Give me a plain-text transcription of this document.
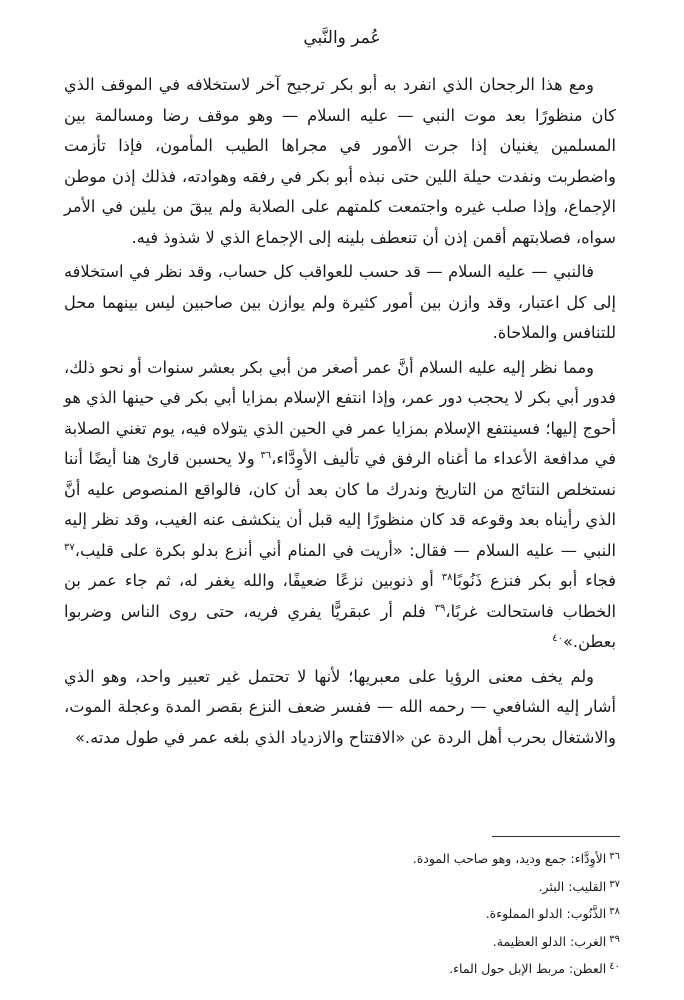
عُمر والنَّبي

ومع هذا الرجحان الذي انفرد به أبو بكر ترجيح آخر لاستخلافه في الموقف الذي كان منظورًا بعد موت النبي — عليه السلام — وهو موقف رضا ومسالمة بين المسلمين يغنيان إذا جرت الأمور في مجراها الطيب المأمون، فإذا تأزمت واضطربت ونفدت حيلة اللين حتى نبذه أبو بكر في رفقه وهوادته، فذلك إذن موطن الإجماع، وإذا صلب غيره واجتمعت كلمتهم على الصلابة ولم يبقَ من يلين في الأمر سواه، فصلابتهم أقمن إذن أن تنعطف بلينه إلى الإجماع الذي لا شذوذ فيه.

فالنبي — عليه السلام — قد حسب للعواقب كل حساب، وقد نظر في استخلافه إلى كل اعتبار، وقد وازن بين أمور كثيرة ولم يوازن بين صاحبين ليس بينهما محل للتنافس والملاحاة.

ومما نظر إليه عليه السلام أنَّ عمر أصغر من أبي بكر بعشر سنوات أو نحو ذلك، فدور أبي بكر لا يحجب دور عمر، وإذا انتفع الإسلام بمزايا أبي بكر في حينها الذي هو أحوج إليها؛ فسينتفع الإسلام بمزايا عمر في الحين الذي يتولاه فيه، يوم تغني الصلابة في مدافعة الأعداء ما أغناه الرفق في تأليف الأوِدَّاء،$^{٣٦}$ ولا يحسبن قارئ هنا أيضًا أننا نستخلص النتائج من التاريخ وندرك ما كان بعد أن كان، فالواقع المنصوص عليه أنَّ الذي رأيناه بعد وقوعه قد كان منظورًا إليه قبل أن ينكشف عنه الغيب، وقد نظر إليه النبي — عليه السلام — فقال: «أريت في المنام أني أنزع بدلو بكرة على قليب،$^{٣٧}$ فجاء أبو بكر فنزع ذَنُوبًا$^{٣٨}$ أو ذنوبين نزعًا ضعيفًا، والله يغفر له، ثم جاء عمر بن الخطاب فاستحالت غربًا،$^{٣٩}$ فلم أر عبقريًّا يفري فريه، حتى روى الناس وضربوا بعطن.»$^{٤٠}$

ولم يخف معنى الرؤيا على معبريها؛ لأنها لا تحتمل غير تعبير واحد، وهو الذي أشار إليه الشافعي — رحمه الله — ففسر ضعف النزع بقصر المدة وعجلة الموت، والاشتغال بحرب أهل الردة عن «الافتتاح والازدياد الذي بلغه عمر في طول مدته.»

٣٦
الأوِدَّاء: جمع وديد، وهو صاحب المودة.
٣٧
القليب: البئر.
٣٨
الذَّنُوب: الدلو المملوءة.
٣٩
الغرب: الدلو العظيمة.
٤٠
العطن: مربط الإبل حول الماء.
